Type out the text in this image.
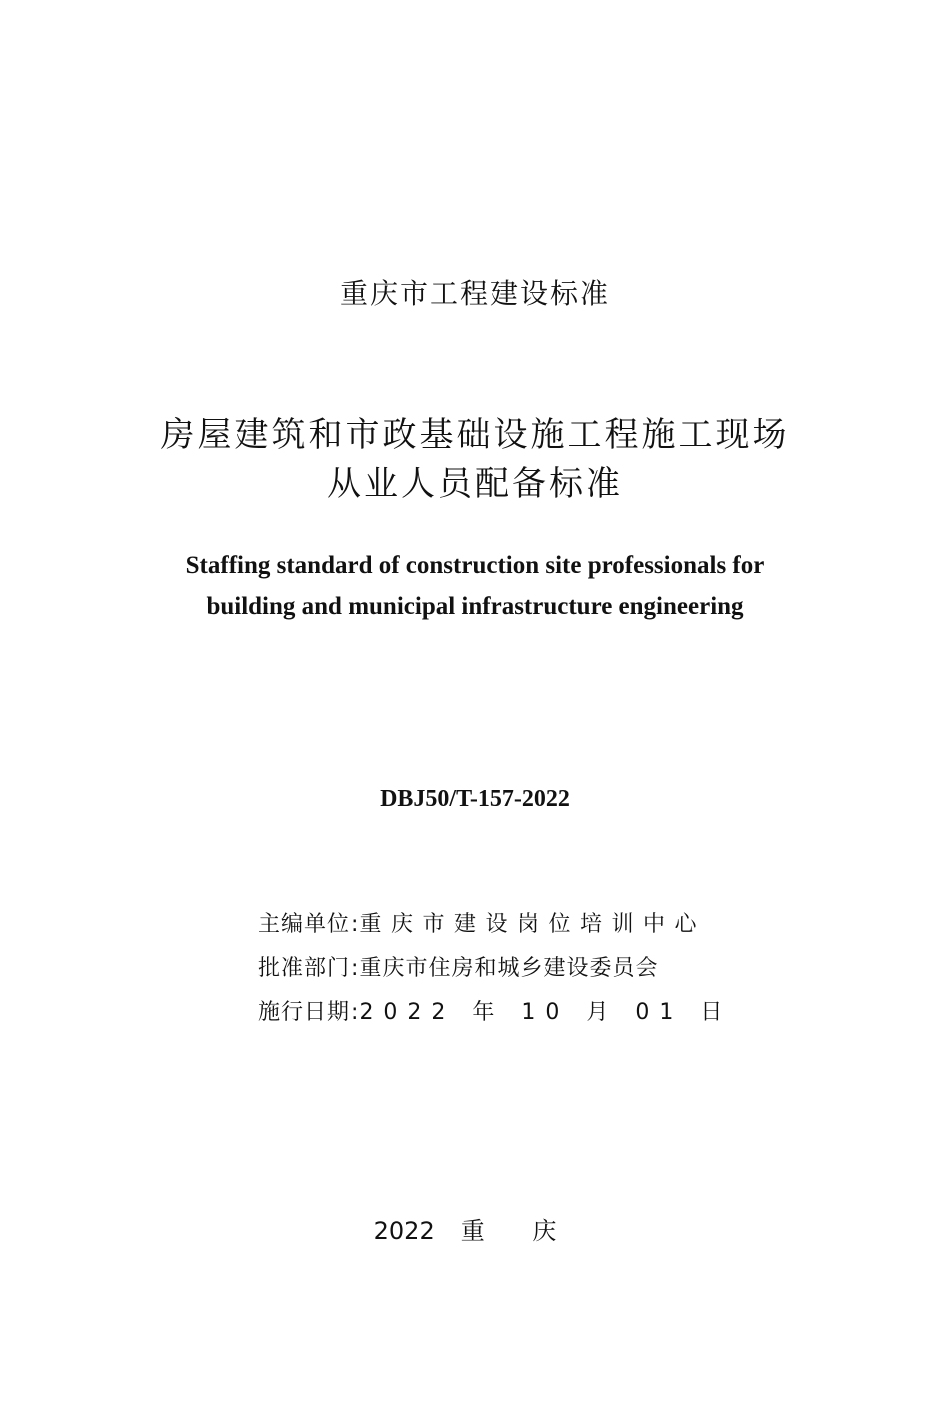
重庆市工程建设标准
房屋建筑和市政基础设施工程施工现场
从业人员配备标准
Staffing standard of construction site professionals for
building and municipal infrastructure engineering
DBJ50/T-157-2022
主编单位 : 重庆市建设岗位培训中心
批准部门 : 重庆市住房和城乡建设委员会
施行日期 : 2022 年 10 月 01 日
2022 重 庆
